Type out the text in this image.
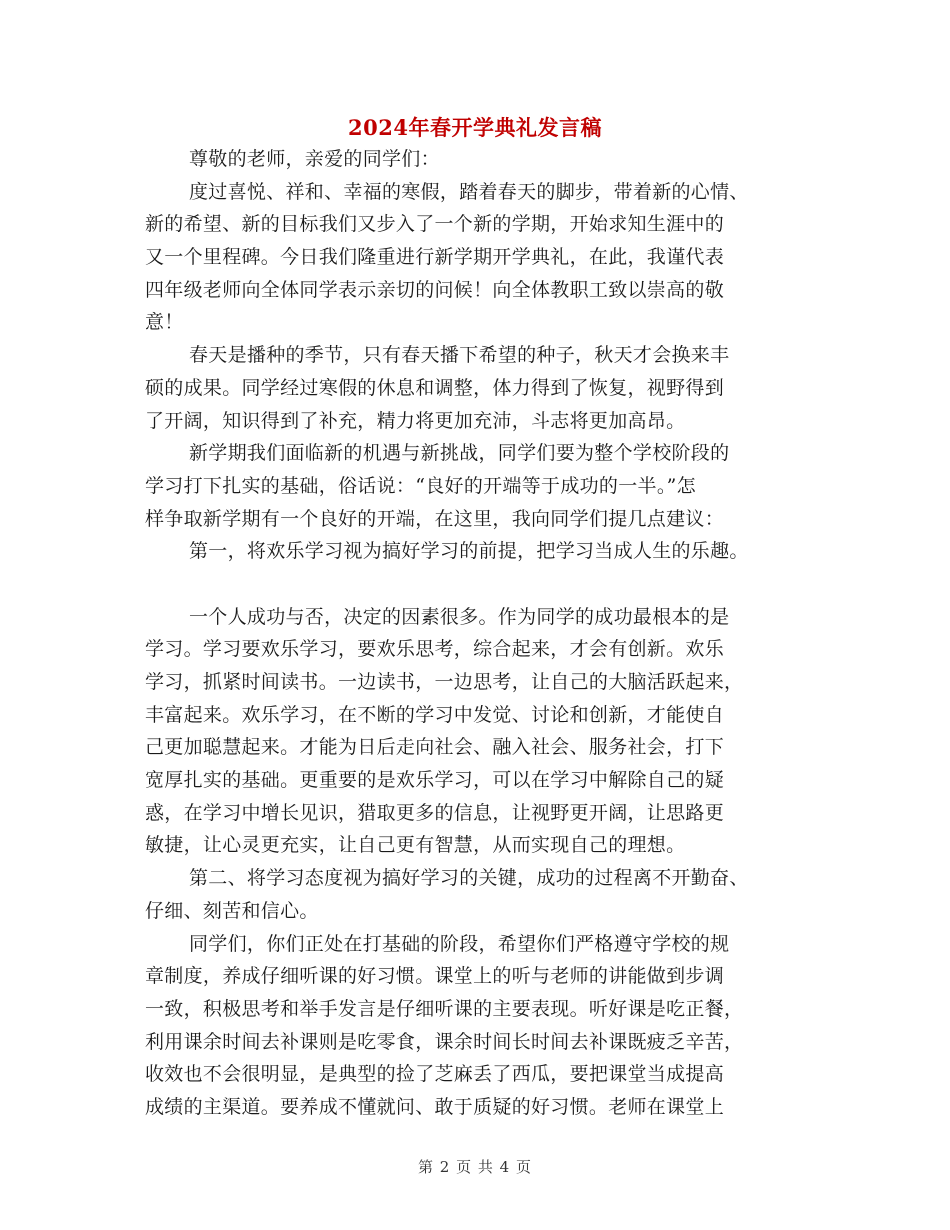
2024年春开学典礼发言稿
尊敬的老师，亲爱的同学们：
度过喜悦、祥和、幸福的寒假，踏着春天的脚步，带着新的心情、
新的希望、新的目标我们又步入了一个新的学期，开始求知生涯中的
又一个里程碑。今日我们隆重进行新学期开学典礼，在此，我谨代表
四年级老师向全体同学表示亲切的问候！向全体教职工致以崇高的敬
意！
春天是播种的季节，只有春天播下希望的种子，秋天才会换来丰
硕的成果。同学经过寒假的休息和调整，体力得到了恢复，视野得到
了开阔，知识得到了补充，精力将更加充沛，斗志将更加高昂。
新学期我们面临新的机遇与新挑战，同学们要为整个学校阶段的
学习打下扎实的基础，俗话说：“良好的开端等于成功的一半。”怎
样争取新学期有一个良好的开端，在这里，我向同学们提几点建议：
第一，将欢乐学习视为搞好学习的前提，把学习当成人生的乐趣。
一个人成功与否，决定的因素很多。作为同学的成功最根本的是
学习。学习要欢乐学习，要欢乐思考，综合起来，才会有创新。欢乐
学习，抓紧时间读书。一边读书，一边思考，让自己的大脑活跃起来，
丰富起来。欢乐学习，在不断的学习中发觉、讨论和创新，才能使自
己更加聪慧起来。才能为日后走向社会、融入社会、服务社会，打下
宽厚扎实的基础。更重要的是欢乐学习，可以在学习中解除自己的疑
惑，在学习中增长见识，猎取更多的信息，让视野更开阔，让思路更
敏捷，让心灵更充实，让自己更有智慧，从而实现自己的理想。
第二、将学习态度视为搞好学习的关键，成功的过程离不开勤奋、
仔细、刻苦和信心。
同学们，你们正处在打基础的阶段，希望你们严格遵守学校的规
章制度，养成仔细听课的好习惯。课堂上的听与老师的讲能做到步调
一致，积极思考和举手发言是仔细听课的主要表现。听好课是吃正餐，
利用课余时间去补课则是吃零食，课余时间长时间去补课既疲乏辛苦，
收效也不会很明显，是典型的捡了芝麻丢了西瓜，要把课堂当成提高
成绩的主渠道。要养成不懂就问、敢于质疑的好习惯。老师在课堂上
第 2 页 共 4 页
